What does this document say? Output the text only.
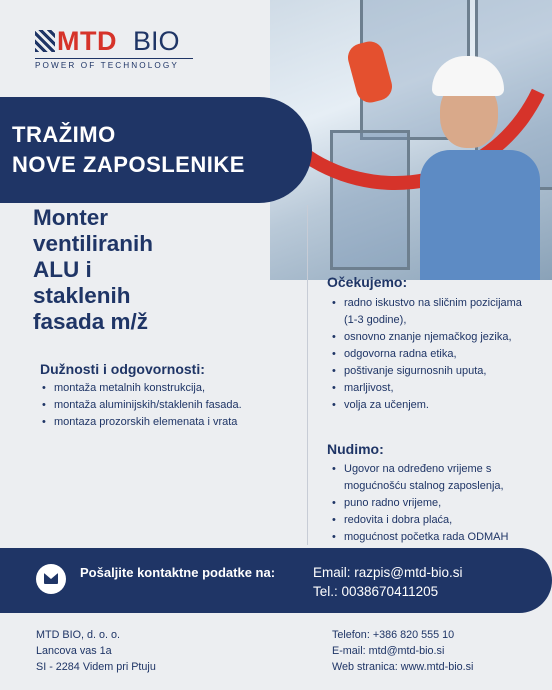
MTD BIO
POWER OF TECHNOLOGY
TRAŽIMO
NOVE ZAPOSLENIKE
Monter
ventiliranih
ALU i
staklenih
fasada m/ž
Dužnosti i odgovornosti:
• montaža metalnih konstrukcija,
• montaža aluminijskih/staklenih fasada.
• montaza prozorskih elemenata i vrata
Očekujemo:
• radno iskustvo na sličnim pozicijama (1-3 godine),
• osnovno znanje njemačkog jezika,
• odgovorna radna etika,
• poštivanje sigurnosnih uputa,
• marljivost,
• volja za učenjem.
Nudimo:
• Ugovor na određeno vrijeme s mogućnošću stalnog zaposlenja,
• puno radno vrijeme,
• redovita i dobra plaća,
• mogućnost početka rada ODMAH
Pošaljite kontaktne podatke na:	Email: razpis@mtd-bio.si
Tel.: 0038670411205
MTD BIO, d. o. o.
Lancova vas 1a
SI - 2284 Videm pri Ptuju
Telefon: +386 820 555 10
E-mail: mtd@mtd-bio.si
Web stranica: www.mtd-bio.si
